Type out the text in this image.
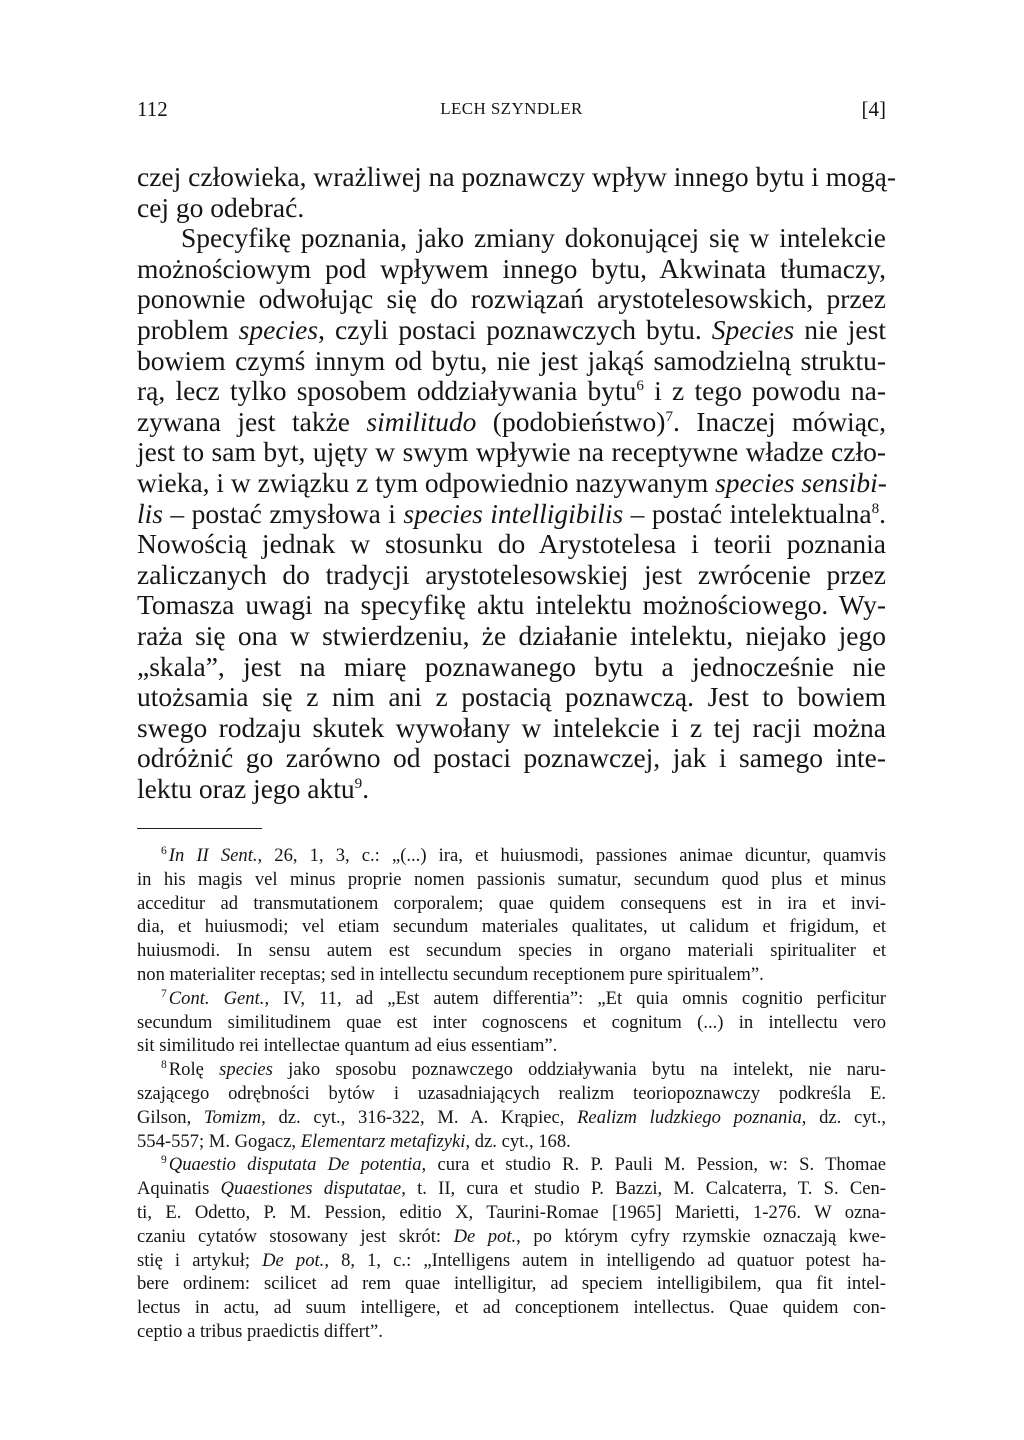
112	LECH SZYNDLER	[4]
czej człowieka, wrażliwej na poznawczy wpływ innego bytu i mogą-
cej go odebrać.
Specyfikę poznania, jako zmiany dokonującej się w intelekcie
możnościowym pod wpływem innego bytu, Akwinata tłumaczy,
ponownie odwołując się do rozwiązań arystotelesowskich, przez
problem species, czyli postaci poznawczych bytu. Species nie jest
bowiem czymś innym od bytu, nie jest jakąś samodzielną struktu-
rą, lecz tylko sposobem oddziaływania bytu$^6$ i z tego powodu na-
zywana jest także similitudo (podobieństwo)$^7$. Inaczej mówiąc,
jest to sam byt, ujęty w swym wpływie na receptywne władze czło-
wieka, i w związku z tym odpowiednio nazywanym species sensibi-
lis – postać zmysłowa i species intelligibilis – postać intelektualna$^8$.
Nowością jednak w stosunku do Arystotelesa i teorii poznania
zaliczanych do tradycji arystotelesowskiej jest zwrócenie przez
Tomasza uwagi na specyfikę aktu intelektu możnościowego. Wy-
raża się ona w stwierdzeniu, że działanie intelektu, niejako jego
„skala”, jest na miarę poznawanego bytu a jednocześnie nie
utożsamia się z nim ani z postacią poznawczą. Jest to bowiem
swego rodzaju skutek wywołany w intelekcie i z tej racji można
odróżnić go zarówno od postaci poznawczej, jak i samego inte-
lektu oraz jego aktu$^9$.
$^6$ In II Sent., 26, 1, 3, c.: „(...) ira, et huiusmodi, passiones animae dicuntur, quamvis
in his magis vel minus proprie nomen passionis sumatur, secundum quod plus et minus
acceditur ad transmutationem corporalem; quae quidem consequens est in ira et invi-
dia, et huiusmodi; vel etiam secundum materiales qualitates, ut calidum et frigidum, et
huiusmodi. In sensu autem est secundum species in organo materiali spiritualiter et
non materialiter receptas; sed in intellectu secundum receptionem pure spiritualem”.
$^7$ Cont. Gent., IV, 11, ad „Est autem differentia”: „Et quia omnis cognitio perficitur
secundum similitudinem quae est inter cognoscens et cognitum (...) in intellectu vero
sit similitudo rei intellectae quantum ad eius essentiam”.
$^8$ Rolę species jako sposobu poznawczego oddziaływania bytu na intelekt, nie naru-
szającego odrębności bytów i uzasadniających realizm teoriopoznawczy podkreśla E.
Gilson, Tomizm, dz. cyt., 316-322, M. A. Krąpiec, Realizm ludzkiego poznania, dz. cyt.,
554-557; M. Gogacz, Elementarz metafizyki, dz. cyt., 168.
$^9$ Quaestio disputata De potentia, cura et studio R. P. Pauli M. Pession, w: S. Thomae
Aquinatis Quaestiones disputatae, t. II, cura et studio P. Bazzi, M. Calcaterra, T. S. Cen-
ti, E. Odetto, P. M. Pession, editio X, Taurini-Romae [1965] Marietti, 1-276. W ozna-
czaniu cytatów stosowany jest skrót: De pot., po którym cyfry rzymskie oznaczają kwe-
stię i artykuł; De pot., 8, 1, c.: „Intelligens autem in intelligendo ad quatuor potest ha-
bere ordinem: scilicet ad rem quae intelligitur, ad speciem intelligibilem, qua fit intel-
lectus in actu, ad suum intelligere, et ad conceptionem intellectus. Quae quidem con-
ceptio a tribus praedictis differt”.
